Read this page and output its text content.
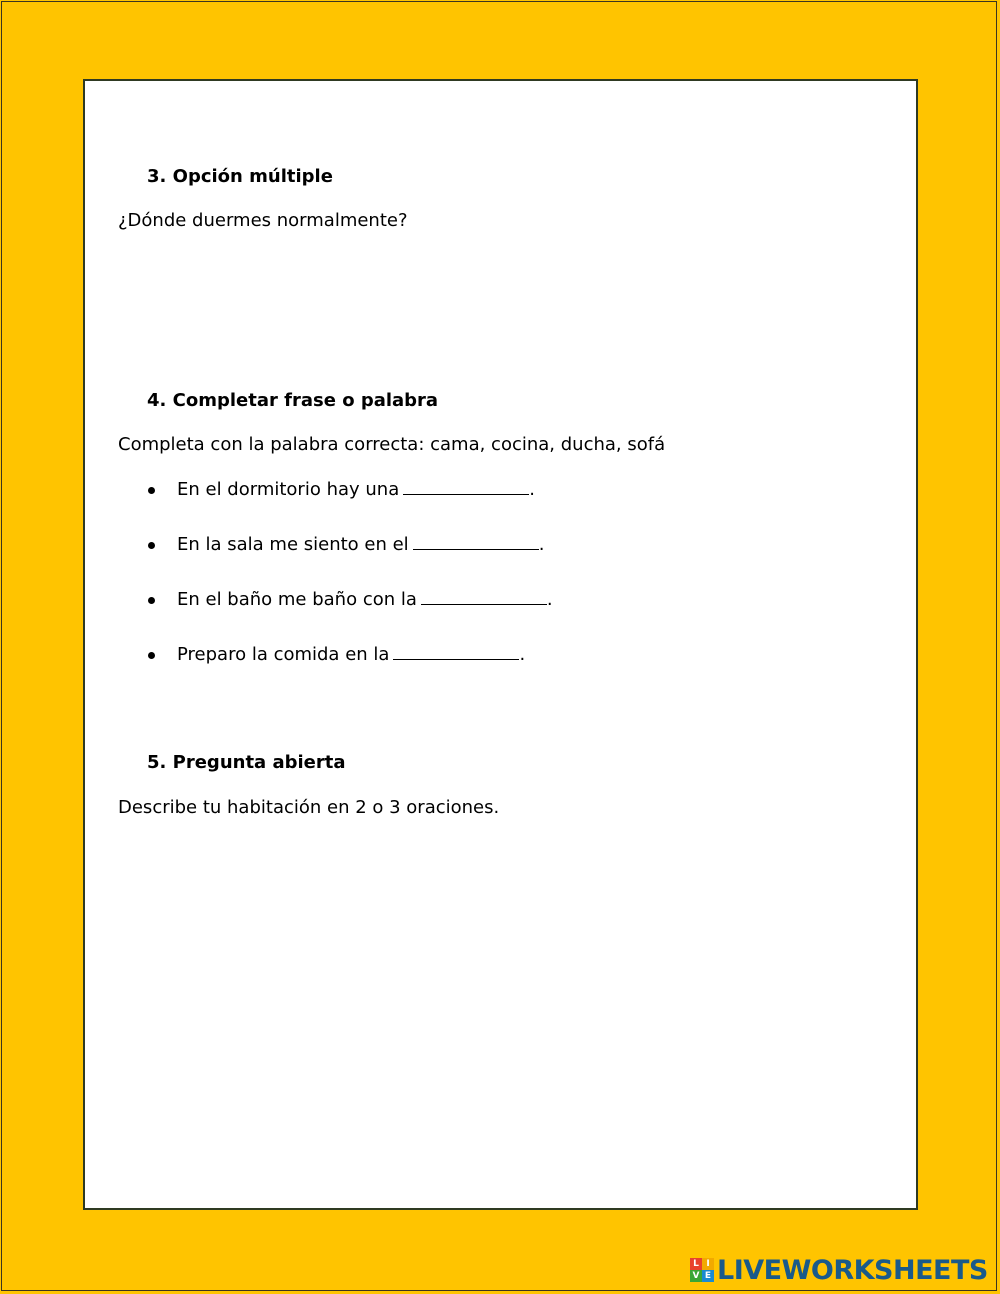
3. Opción múltiple
¿Dónde duermes normalmente?
4. Completar frase o palabra
Completa con la palabra correcta: cama, cocina, ducha, sofá
En el dormitorio hay una	.
En la sala me siento en el	.
En el baño me baño con la	.
Preparo la comida en la	.
5. Pregunta abierta
Describe tu habitación en 2 o 3 oraciones.
L I
V E LIVEWORKSHEETS
